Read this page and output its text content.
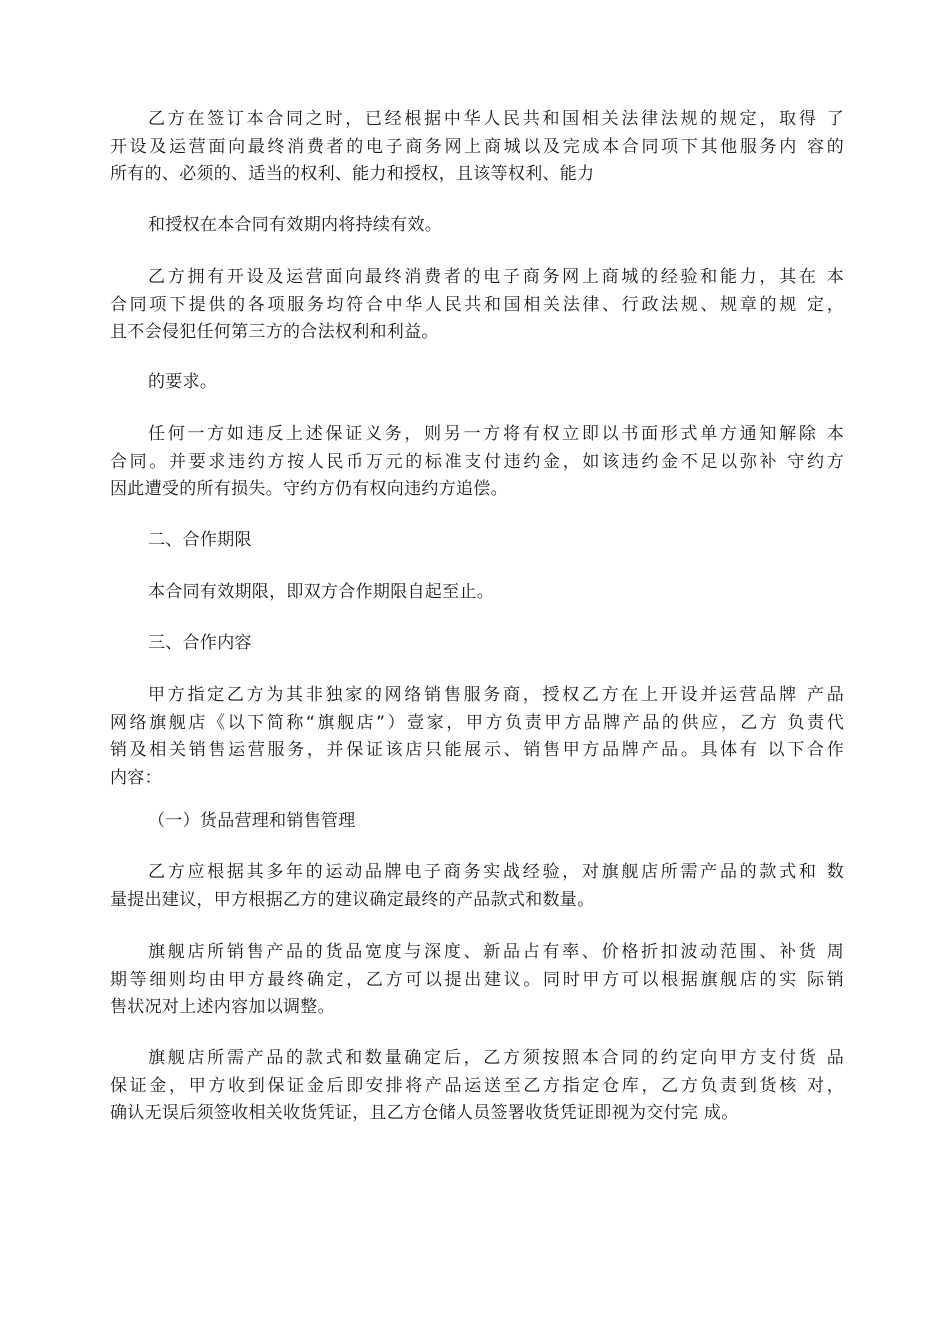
乙方在签订本合同之时，已经根据中华人民共和国相关法律法规的规定，取得 了
开设及运营面向最终消费者的电子商务网上商城以及完成本合同项下其他服务内 容的
所有的、必须的、适当的权利、能力和授权，且该等权利、能力

和授权在本合同有效期内将持续有效。

乙方拥有开设及运营面向最终消费者的电子商务网上商城的经验和能力，其在 本
合同项下提供的各项服务均符合中华人民共和国相关法律、行政法规、规章的规 定，
且不会侵犯任何第三方的合法权利和利益。

的要求。

任何一方如违反上述保证义务，则另一方将有权立即以书面形式单方通知解除 本
合同。并要求违约方按人民币万元的标准支付违约金，如该违约金不足以弥补 守约方
因此遭受的所有损失。守约方仍有权向违约方追偿。

二、合作期限

本合同有效期限，即双方合作期限自起至止。

三、合作内容

甲方指定乙方为其非独家的网络销售服务商，授权乙方在上开设并运营品牌 产品
网络旗舰店《以下简称“旗舰店”）壹家，甲方负责甲方品牌产品的供应，乙方 负责代
销及相关销售运营服务，并保证该店只能展示、销售甲方品牌产品。具体有 以下合作
内容：

（一）货品营理和销售管理

乙方应根据其多年的运动品牌电子商务实战经验，对旗舰店所需产品的款式和 数
量提出建议，甲方根据乙方的建议确定最终的产品款式和数量。
旗舰店所销售产品的货品宽度与深度、新品占有率、价格折扣波动范围、补货 周
期等细则均由甲方最终确定，乙方可以提出建议。同时甲方可以根据旗舰店的实 际销
售状况对上述内容加以调整。
旗舰店所需产品的款式和数量确定后，乙方须按照本合同的约定向甲方支付货 品
保证金，甲方收到保证金后即安排将产品运送至乙方指定仓库，乙方负责到货核 对，
确认无误后须签收相关收货凭证，且乙方仓储人员签署收货凭证即视为交付完 成。
